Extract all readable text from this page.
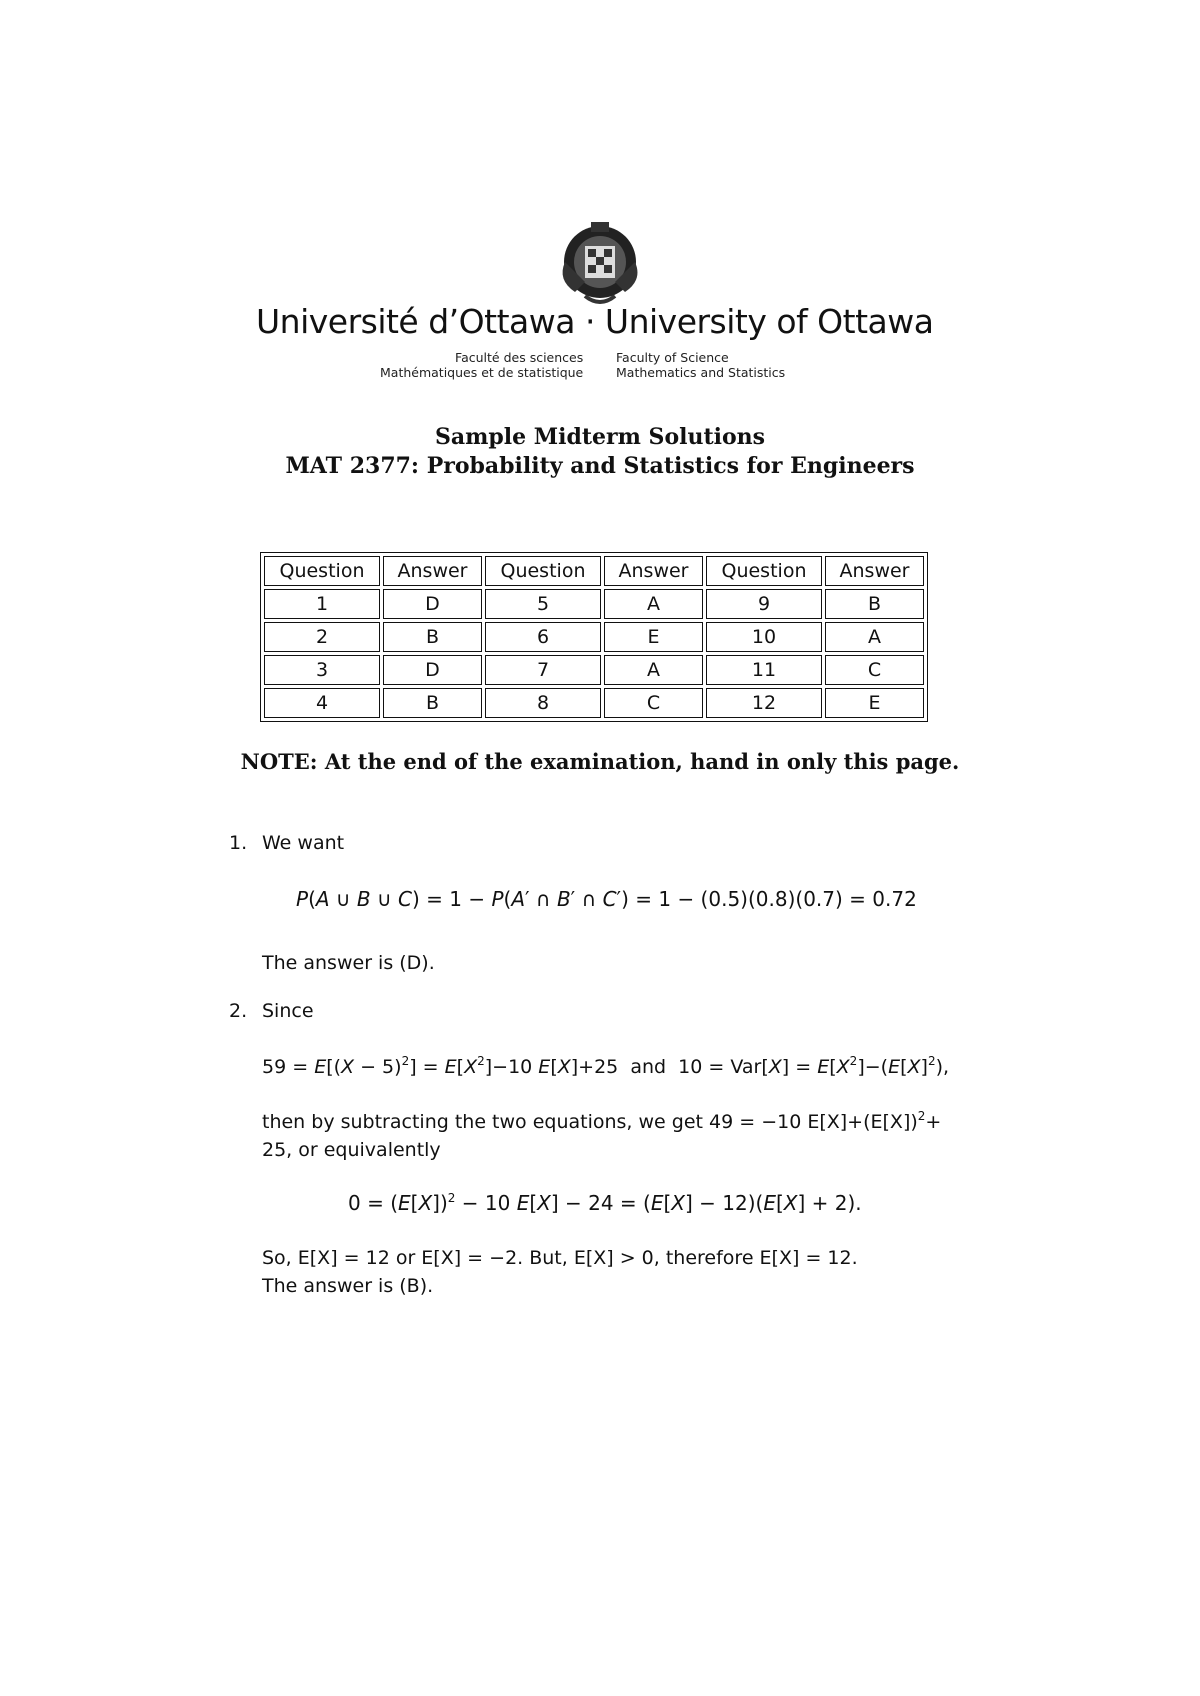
Université d’Ottawa · University of Ottawa
Faculté des sciences
Mathématiques et de statistique
Faculty of Science
Mathematics and Statistics
Sample Midterm Solutions
MAT 2377: Probability and Statistics for Engineers
Question	Answer	Question	Answer	Question	Answer
1	D	5	A	9	B
2	B	6	E	10	A
3	D	7	A	11	C
4	B	8	C	12	E
NOTE: At the end of the examination, hand in only this page.
1. We want
P(A ∪ B ∪ C) = 1 − P(A′ ∩ B′ ∩ C′) = 1 − (0.5)(0.8)(0.7) = 0.72
The answer is (D).
2. Since
$59 = E[(X - 5)^2] = E[X^2]-10$ E[X]+25  and  $10 = Var[X] = E[X^2]-(E[X]^2)$,
then by subtracting the two equations, we get 49 = −10 $E[X]+(E[X])^2+$
25, or equivalently
$0 = (E[X])^2 - 10$ E[X] − 24 = (E[X] − 12)(E[X] + 2).
So, E[X] = 12 or E[X] = −2. But, E[X] > 0, therefore E[X] = 12.
The answer is (B).
